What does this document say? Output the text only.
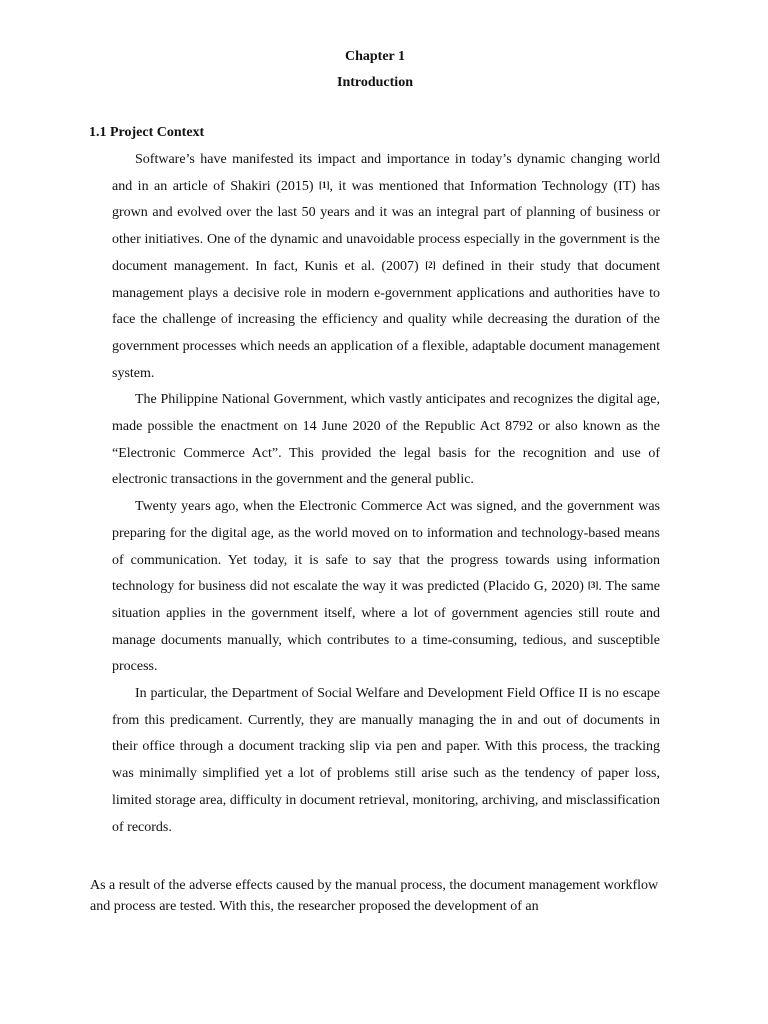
Chapter 1
Introduction
1.1 Project Context

Software’s have manifested its impact and importance in today’s dynamic changing world and in an article of Shakiri (2015) [1], it was mentioned that Information Technology (IT) has grown and evolved over the last 50 years and it was an integral part of planning of business or other initiatives. One of the dynamic and unavoidable process especially in the government is the document management. In fact, Kunis et al. (2007) [2] defined in their study that document management plays a decisive role in modern e-government applications and authorities have to face the challenge of increasing the efficiency and quality while decreasing the duration of the government processes which needs an application of a flexible, adaptable document management system.

The Philippine National Government, which vastly anticipates and recognizes the digital age, made possible the enactment on 14 June 2020 of the Republic Act 8792 or also known as the “Electronic Commerce Act”. This provided the legal basis for the recognition and use of electronic transactions in the government and the general public.

Twenty years ago, when the Electronic Commerce Act was signed, and the government was preparing for the digital age, as the world moved on to information and technology-based means of communication. Yet today, it is safe to say that the progress towards using information technology for business did not escalate the way it was predicted (Placido G, 2020) [3]. The same situation applies in the government itself, where a lot of government agencies still route and manage documents manually, which contributes to a time-consuming, tedious, and susceptible process.

In particular, the Department of Social Welfare and Development Field Office II is no escape from this predicament. Currently, they are manually managing the in and out of documents in their office through a document tracking slip via pen and paper. With this process, the tracking was minimally simplified yet a lot of problems still arise such as the tendency of paper loss, limited storage area, difficulty in document retrieval, monitoring, archiving, and misclassification of records.

As a result of the adverse effects caused by the manual process, the document management workflow and process are tested. With this, the researcher proposed the development of an
